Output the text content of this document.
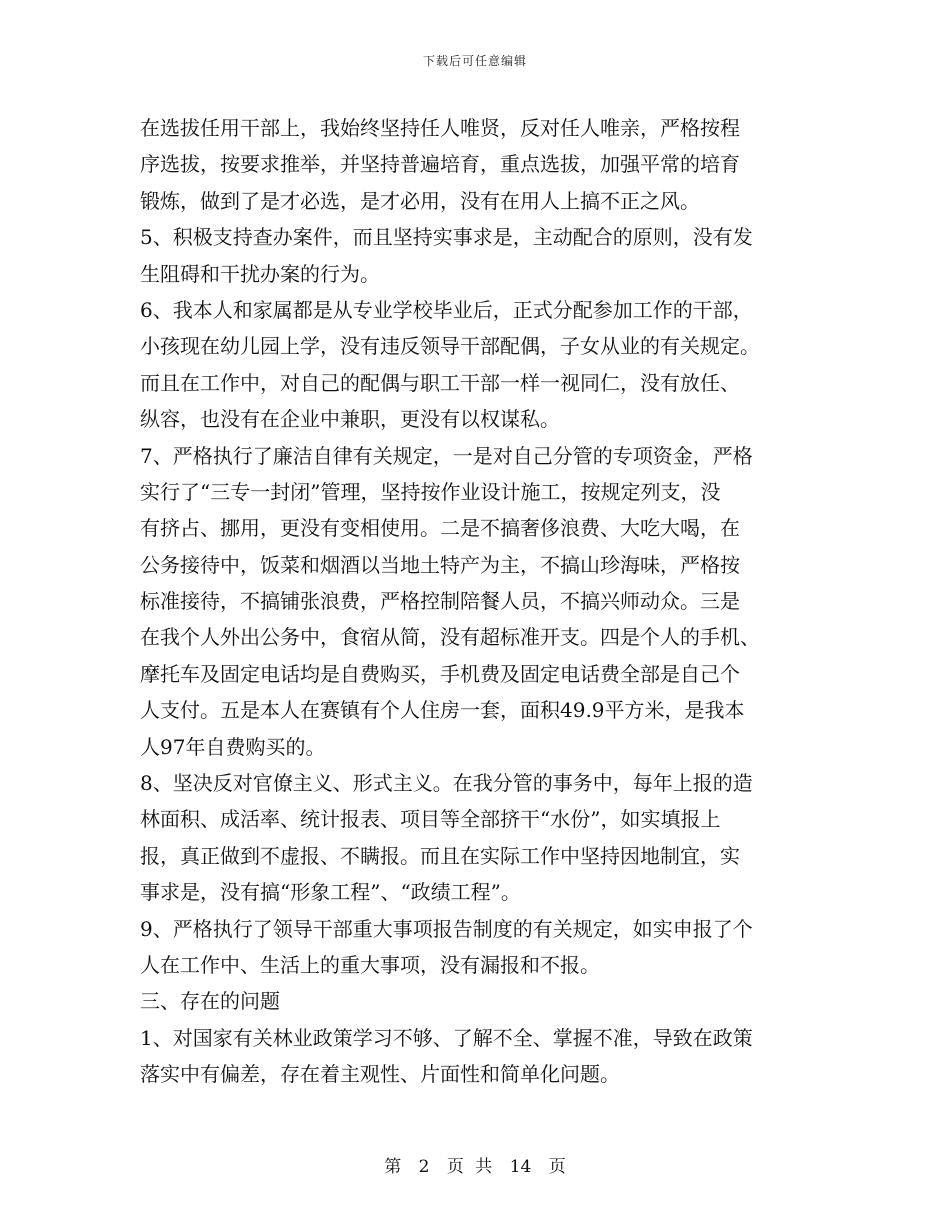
下载后可任意编辑
在选拔任用干部上，我始终坚持任人唯贤，反对任人唯亲，严格按程
序选拔，按要求推举，并坚持普遍培育，重点选拔，加强平常的培育
锻炼，做到了是才必选，是才必用，没有在用人上搞不正之风。
5、积极支持查办案件，而且坚持实事求是，主动配合的原则，没有发
生阻碍和干扰办案的行为。
6、我本人和家属都是从专业学校毕业后，正式分配参加工作的干部，
小孩现在幼儿园上学，没有违反领导干部配偶，子女从业的有关规定。
而且在工作中，对自己的配偶与职工干部一样一视同仁，没有放任、
纵容，也没有在企业中兼职，更没有以权谋私。
7、严格执行了廉洁自律有关规定，一是对自己分管的专项资金，严格
实行了“三专一封闭”管理，坚持按作业设计施工，按规定列支，没
有挤占、挪用，更没有变相使用。二是不搞奢侈浪费、大吃大喝，在
公务接待中，饭菜和烟酒以当地土特产为主，不搞山珍海味，严格按
标准接待，不搞铺张浪费，严格控制陪餐人员，不搞兴师动众。三是
在我个人外出公务中，食宿从简，没有超标准开支。四是个人的手机、
摩托车及固定电话均是自费购买，手机费及固定电话费全部是自己个
人支付。五是本人在赛镇有个人住房一套，面积49.9平方米，是我本
人97年自费购买的。
8、坚决反对官僚主义、形式主义。在我分管的事务中，每年上报的造
林面积、成活率、统计报表、项目等全部挤干“水份”，如实填报上
报，真正做到不虚报、不瞒报。而且在实际工作中坚持因地制宜，实
事求是，没有搞“形象工程”、“政绩工程”。
9、严格执行了领导干部重大事项报告制度的有关规定，如实申报了个
人在工作中、生活上的重大事项，没有漏报和不报。
三、存在的问题
1、对国家有关林业政策学习不够、了解不全、掌握不准，导致在政策
落实中有偏差，存在着主观性、片面性和简单化问题。
第 2 页 共 14 页
